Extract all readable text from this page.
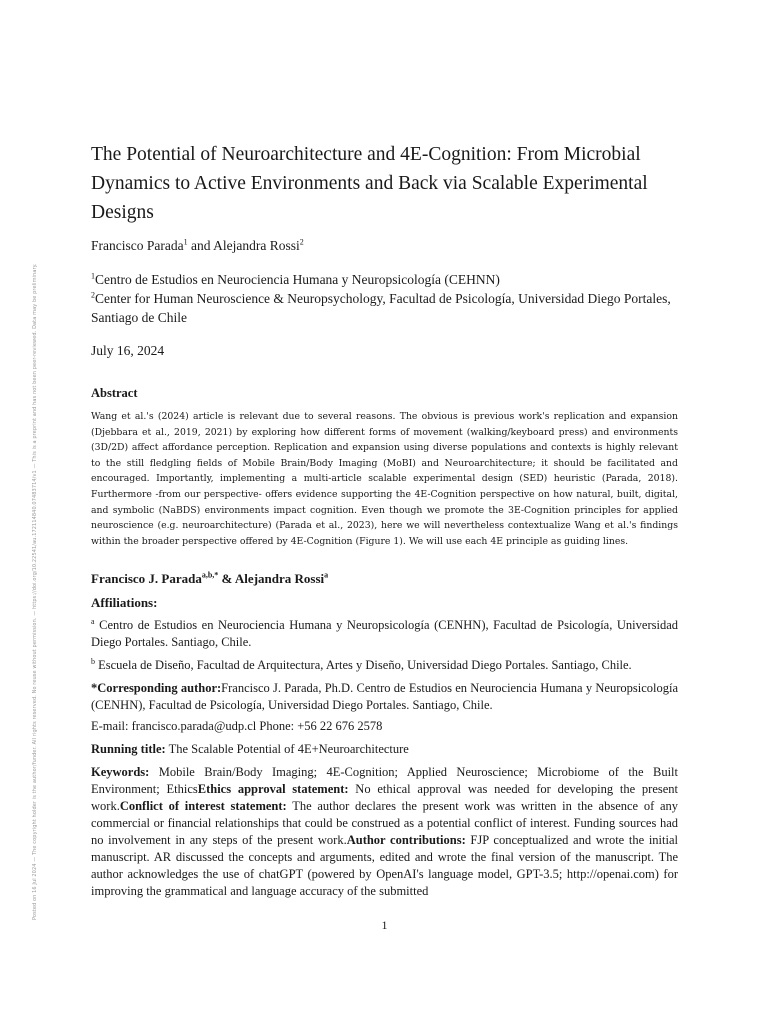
Posted on 16 Jul 2024 — The copyright holder is the author/funder. All rights reserved. No reuse without permission. — https://doi.org/10.22541/au.172114840.07483714/v1 — This is a preprint and has not been peer-reviewed. Data may be preliminary.
The Potential of Neuroarchitecture and 4E-Cognition: From Microbial Dynamics to Active Environments and Back via Scalable Experimental Designs
Francisco Parada$^1$ and Alejandra Rossi$^2$
$^1$Centro de Estudios en Neurociencia Humana y Neuropsicología (CEHNN)
$^2$Center for Human Neuroscience & Neuropsychology, Facultad de Psicología, Universidad Diego Portales, Santiago de Chile
July 16, 2024
Abstract
Wang et al.'s (2024) article is relevant due to several reasons. The obvious is previous work's replication and expansion (Djebbara et al., 2019, 2021) by exploring how different forms of movement (walking/keyboard press) and environments (3D/2D) affect affordance perception. Replication and expansion using diverse populations and contexts is highly relevant to the still fledgling fields of Mobile Brain/Body Imaging (MoBI) and Neuroarchitecture; it should be facilitated and encouraged. Importantly, implementing a multi-article scalable experimental design (SED) heuristic (Parada, 2018). Furthermore -from our perspective- offers evidence supporting the 4E-Cognition perspective on how natural, built, digital, and symbolic (NaBDS) environments impact cognition. Even though we promote the 3E-Cognition principles for applied neuroscience (e.g. neuroarchitecture) (Parada et al., 2023), here we will nevertheless contextualize Wang et al.'s findings within the broader perspective offered by 4E-Cognition (Figure 1). We will use each 4E principle as guiding lines.

Francisco J. Parada$^{a,b,*}$ & Alejandra Rossi$^a$

Affiliations:

$^a$ Centro de Estudios en Neurociencia Humana y Neuropsicología (CENHN), Facultad de Psicología, Universidad Diego Portales. Santiago, Chile.

$^b$ Escuela de Diseño, Facultad de Arquitectura, Artes y Diseño, Universidad Diego Portales. Santiago, Chile.

*Corresponding author:Francisco J. Parada, Ph.D. Centro de Estudios en Neurociencia Humana y Neuropsicología (CENHN), Facultad de Psicología, Universidad Diego Portales. Santiago, Chile.

E-mail: francisco.parada@udp.cl Phone: +56 22 676 2578

Running title: The Scalable Potential of 4E+Neuroarchitecture

Keywords: Mobile Brain/Body Imaging; 4E-Cognition; Applied Neuroscience; Microbiome of the Built Environment; EthicsEthics approval statement: No ethical approval was needed for developing the present work.Conflict of interest statement: The author declares the present work was written in the absence of any commercial or financial relationships that could be construed as a potential conflict of interest. Funding sources had no involvement in any steps of the present work.Author contributions: FJP conceptualized and wrote the initial manuscript. AR discussed the concepts and arguments, edited and wrote the final version of the manuscript. The author acknowledges the use of chatGPT (powered by OpenAI's language model, GPT-3.5; http://openai.com) for improving the grammatical and language accuracy of the submitted

1
